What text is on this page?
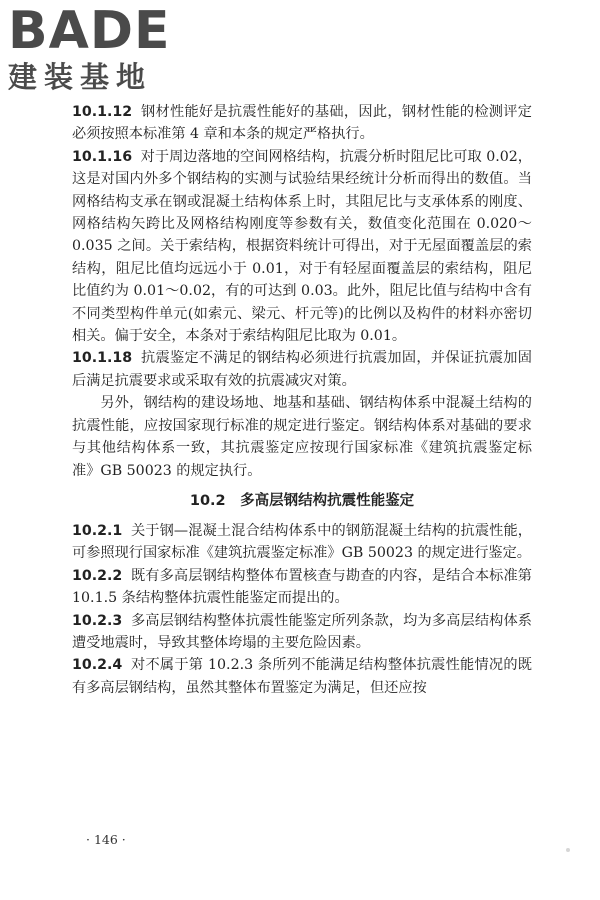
BADE
建装基地

10.1.12 钢材性能好是抗震性能好的基础，因此，钢材性能的检测评定必须按照本标准第 4 章和本条的规定严格执行。

10.1.16 对于周边落地的空间网格结构，抗震分析时阻尼比可取 0.02，这是对国内外多个钢结构的实测与试验结果经统计分析而得出的数值。当网格结构支承在钢或混凝土结构体系上时，其阻尼比与支承体系的刚度、网格结构矢跨比及网格结构刚度等参数有关，数值变化范围在 0.020～0.035 之间。关于索结构，根据资料统计可得出，对于无屋面覆盖层的索结构，阻尼比值均远远小于 0.01，对于有轻屋面覆盖层的索结构，阻尼比值约为 0.01～0.02，有的可达到 0.03。此外，阻尼比值与结构中含有不同类型构件单元(如索元、梁元、杆元等)的比例以及构件的材料亦密切相关。偏于安全，本条对于索结构阻尼比取为 0.01。

10.1.18 抗震鉴定不满足的钢结构必须进行抗震加固，并保证抗震加固后满足抗震要求或采取有效的抗震减灾对策。

另外，钢结构的建设场地、地基和基础、钢结构体系中混凝土结构的抗震性能，应按国家现行标准的规定进行鉴定。钢结构体系对基础的要求与其他结构体系一致，其抗震鉴定应按现行国家标准《建筑抗震鉴定标准》GB 50023 的规定执行。

10.2　多高层钢结构抗震性能鉴定

10.2.1 关于钢—混凝土混合结构体系中的钢筋混凝土结构的抗震性能，可参照现行国家标准《建筑抗震鉴定标准》GB 50023 的规定进行鉴定。

10.2.2 既有多高层钢结构整体布置核查与勘查的内容，是结合本标准第 10.1.5 条结构整体抗震性能鉴定而提出的。

10.2.3 多高层钢结构整体抗震性能鉴定所列条款，均为多高层结构体系遭受地震时，导致其整体垮塌的主要危险因素。

10.2.4 对不属于第 10.2.3 条所列不能满足结构整体抗震性能情况的既有多高层钢结构，虽然其整体布置鉴定为满足，但还应按

· 146 ·
